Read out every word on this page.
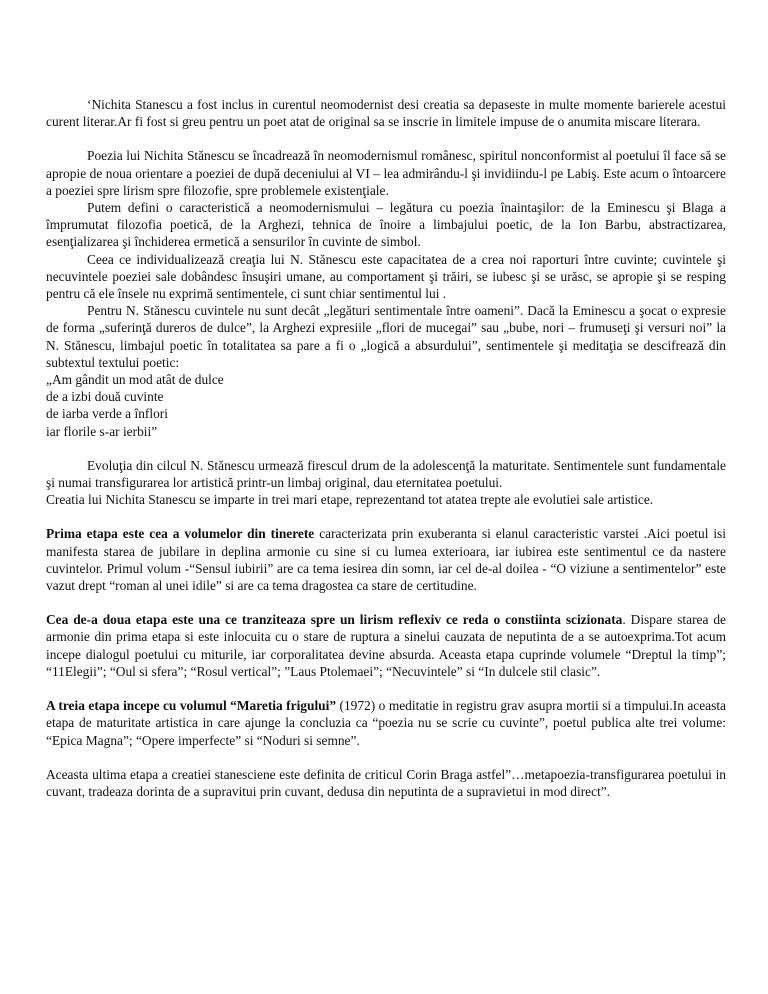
‘Nichita Stanescu a fost inclus in curentul neomodernist desi creatia sa depaseste in multe momente barierele acestui curent literar.Ar fi fost si greu pentru un poet atat de original sa se inscrie in limitele impuse de o anumita miscare literara.

Poezia lui Nichita Stănescu se încadrează în neomodernismul românesc, spiritul nonconformist al poetului îl face să se apropie de noua orientare a poeziei de după deceniului al VI – lea admirându-l şi invidiindu-l pe Labiş. Este acum o întoarcere a poeziei spre lirism spre filozofie, spre problemele existenţiale.

Putem defini o caracteristică a neomodernismului – legătura cu poezia înaintaşilor: de la Eminescu şi Blaga a împrumutat filozofia poetică, de la Arghezi, tehnica de înoire a limbajului poetic, de la Ion Barbu, abstractizarea, esenţializarea şi închiderea ermetică a sensurilor în cuvinte de simbol.

Ceea ce individualizează creaţia lui N. Stănescu este capacitatea de a crea noi raporturi între cuvinte; cuvintele şi necuvintele poeziei sale dobândesc însuşiri umane, au comportament şi trăiri, se iubesc şi se urăsc, se apropie şi se resping pentru că ele însele nu exprimă sentimentele, ci sunt chiar sentimentul lui .

Pentru N. Stănescu cuvintele nu sunt decât „legături sentimentale între oameni”. Dacă la Eminescu a şocat o expresie de forma „suferinţă dureros de dulce”, la Arghezi expresiile „flori de mucegai” sau „bube, nori – frumuseţi şi versuri noi” la N. Stănescu, limbajul poetic în totalitatea sa pare a fi o „logică a absurdului”, sentimentele şi meditaţia se descifrează din subtextul textului poetic:

„Am gândit un mod atât de dulce

de a izbi două cuvinte

de iarba verde a înflori

iar florile s-ar ierbii”

Evoluţia din cilcul N. Stănescu urmează firescul drum de la adolescenţă la maturitate. Sentimentele sunt fundamentale şi numai transfigurarea lor artistică printr-un limbaj original, dau eternitatea poetului.

Creatia lui Nichita Stanescu se imparte in trei mari etape, reprezentand tot atatea trepte ale evolutiei sale artistice.

Prima etapa este cea a volumelor din tinerete caracterizata prin exuberanta si elanul caracteristic varstei .Aici poetul isi manifesta starea de jubilare in deplina armonie cu sine si cu lumea exterioara, iar iubirea este sentimentul ce da nastere cuvintelor. Primul volum -“Sensul iubirii” are ca tema iesirea din somn, iar cel de-al doilea - “O viziune a sentimentelor” este vazut drept “roman al unei idile” si are ca tema dragostea ca stare de certitudine.

Cea de-a doua etapa este una ce tranziteaza spre un lirism reflexiv ce reda o constiinta scizionata. Dispare starea de armonie din prima etapa si este inlocuita cu o stare de ruptura a sinelui cauzata de neputinta de a se autoexprima.Tot acum incepe dialogul poetului cu miturile, iar corporalitatea devine absurda. Aceasta etapa cuprinde volumele “Dreptul la timp”; “11Elegii”; “Oul si sfera”; “Rosul vertical”; ”Laus Ptolemaei”; “Necuvintele” si “In dulcele stil clasic”.

A treia etapa incepe cu volumul “Maretia frigului” (1972) o meditatie in registru grav asupra mortii si a timpului.In aceasta etapa de maturitate artistica in care ajunge la concluzia ca “poezia nu se scrie cu cuvinte”, poetul publica alte trei volume: “Epica Magna”; “Opere imperfecte” si “Noduri si semne”.

Aceasta ultima etapa a creatiei stanesciene este definita de criticul Corin Braga astfel”…metapoezia-transfigurarea poetului in cuvant, tradeaza dorinta de a supravitui prin cuvant, dedusa din neputinta de a supravietui in mod direct”.
